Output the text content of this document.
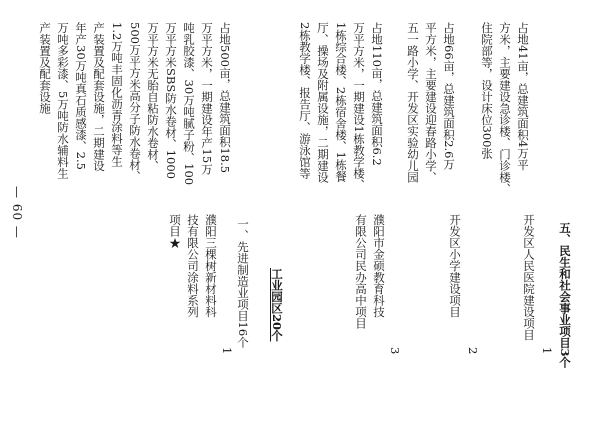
— 60 —
五、民生和社会事业项目3个
1
开发区人民医院建设项目
占地41亩，总建筑面积4万平
方米，主要建设急诊楼、门诊楼、
住院部等，设计床位300张
2
开发区小学建设项目
占地66亩，总建筑面积2.6万
平方米，主要建设迎春路小学、
五一路小学、开发区实验幼儿园
3
濮阳市金硕教育科技
有限公司民办高中项目
占地110亩，总建筑面积6.2
万平方米，一期建设1栋教学楼、
1栋综合楼、2栋宿舍楼、1栋餐
厅、操场及附属设施，二期建设
2栋教学楼、报告厅、游泳馆等
工业园区20个
一、先进制造业项目16个
1
濮阳三棵树新材料科
技有限公司涂料系列
项目★
占地500亩，总建筑面积18.5
万平方米，一期建设年产15万
吨乳胶漆、30万吨腻子粉、100
万平方米SBS防水卷材、1000
万平方米无胎自粘防水卷材、
500万平方米高分子防水卷材、
1.2万吨丰固化沥青涂料等生
产装置及配套设施，二期建设
年产30万吨真石质感漆、2.5
万吨多彩漆、5万吨防水辅料生
产装置及配套设施
